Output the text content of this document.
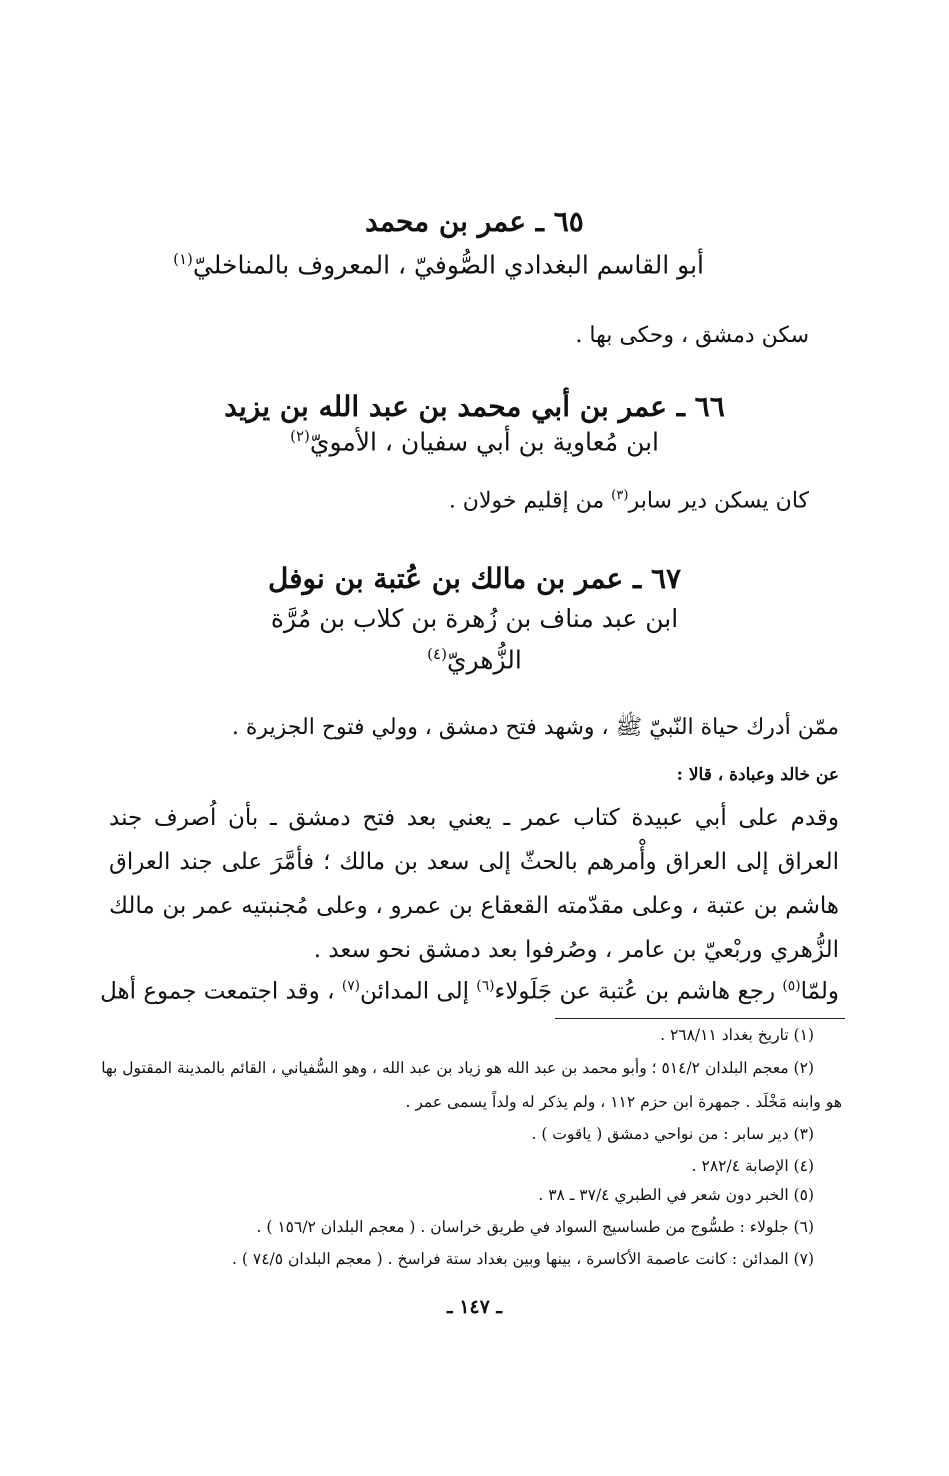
٦٥ ـ عمر بن محمد
أبو القاسم البغدادي الصُّوفيّ ، المعروف بالمناخليّ$^{(١)}$
سكن دمشق ، وحكى بها .
٦٦ ـ عمر بن أبي محمد بن عبد الله بن يزيد
ابن مُعاوية بن أبي سفيان ، الأمويّ$^{(٢)}$
كان يسكن دير سابر$^{(٣)}$ من إقليم خولان .
٦٧ ـ عمر بن مالك بن عُتبة بن نوفل
ابن عبد مناف بن زُهرة بن كلاب بن مُرَّة
الزُّهريّ$^{(٤)}$
ممّن أدرك حياة النّبيّ ﷺ ، وشهد فتح دمشق ، وولي فتوح الجزيرة .
عن خالد وعبادة ، قالا :
وقدم على أبي عبيدة كتاب عمر ـ يعني بعد فتح دمشق ـ بأن اُصرف جند العراق إلى العراق وأْمرهم بالحثّ إلى سعد بن مالك ؛ فأمَّرَ على جند العراق هاشم بن عتبة ، وعلى مقدّمته القعقاع بن عمرو ، وعلى مُجنبتيه عمر بن مالك الزُّهري وربْعيّ بن عامر ، وصُرفوا بعد دمشق نحو سعد .
ولمّا$^{(٥)}$ رجع هاشم بن عُتبة عن جَلَولاء$^{(٦)}$ إلى المدائن$^{(٧)}$ ، وقد اجتمعت جموع أهل
(١) تاريخ بغداد ٢٦٨/١١ .
(٢) معجم البلدان ٥١٤/٢ ؛ وأبو محمد بن عبد الله هو زياد بن عبد الله ، وهو السُّفياني ، القائم بالمدينة المقتول بها
هو وابنه مَخْلَد . جمهرة ابن حزم ١١٢ ، ولم يذكر له ولداً يسمى عمر .
(٣) دير سابر : من نواحي دمشق ( ياقوت ) .
(٤) الإصابة ٢٨٢/٤ .
(٥) الخبر دون شعر في الطبري ٣٧/٤ ـ ٣٨ .
(٦) جلولاء : طسُّوج من طساسيج السواد في طريق خراسان . ( معجم البلدان ١٥٦/٢ ) .
(٧) المدائن : كانت عاصمة الأكاسرة ، بينها وبين بغداد ستة فراسخ . ( معجم البلدان ٧٤/٥ ) .
ـ ١٤٧ ـ
